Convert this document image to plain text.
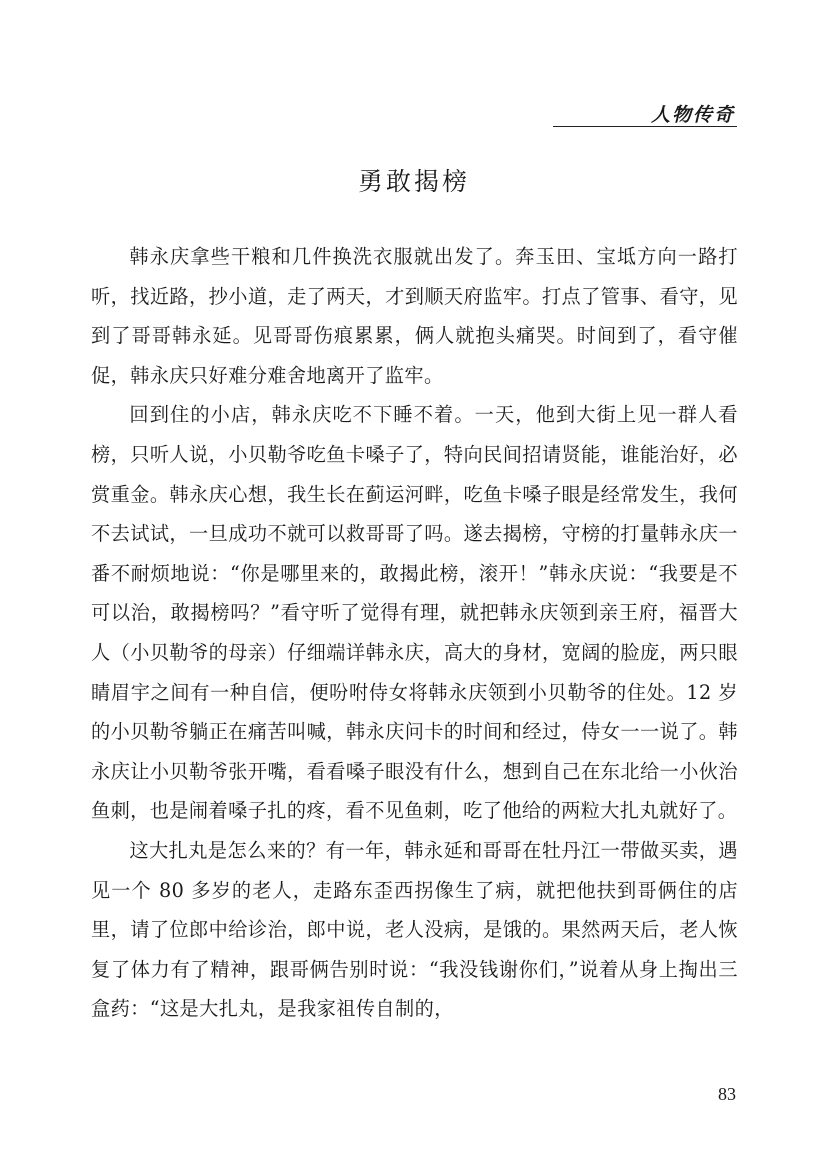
人物传奇
勇敢揭榜

韩永庆拿些干粮和几件换洗衣服就出发了。奔玉田、宝坻方向一路打听，找近路，抄小道，走了两天，才到顺天府监牢。打点了管事、看守，见到了哥哥韩永延。见哥哥伤痕累累，俩人就抱头痛哭。时间到了，看守催促，韩永庆只好难分难舍地离开了监牢。

回到住的小店，韩永庆吃不下睡不着。一天，他到大街上见一群人看榜，只听人说，小贝勒爷吃鱼卡嗓子了，特向民间招请贤能，谁能治好，必赏重金。韩永庆心想，我生长在蓟运河畔，吃鱼卡嗓子眼是经常发生，我何不去试试，一旦成功不就可以救哥哥了吗。遂去揭榜，守榜的打量韩永庆一番不耐烦地说：“你是哪里来的，敢揭此榜，滚开！”韩永庆说：“我要是不可以治，敢揭榜吗？”看守听了觉得有理，就把韩永庆领到亲王府，福晋大人（小贝勒爷的母亲）仔细端详韩永庆，高大的身材，宽阔的脸庞，两只眼睛眉宇之间有一种自信，便吩咐侍女将韩永庆领到小贝勒爷的住处。12 岁的小贝勒爷躺正在痛苦叫喊，韩永庆问卡的时间和经过，侍女一一说了。韩永庆让小贝勒爷张开嘴，看看嗓子眼没有什么，想到自己在东北给一小伙治鱼刺，也是闹着嗓子扎的疼，看不见鱼刺，吃了他给的两粒大扎丸就好了。

这大扎丸是怎么来的？有一年，韩永延和哥哥在牡丹江一带做买卖，遇见一个 80 多岁的老人，走路东歪西拐像生了病，就把他扶到哥俩住的店里，请了位郎中给诊治，郎中说，老人没病，是饿的。果然两天后，老人恢复了体力有了精神，跟哥俩告别时说：“我没钱谢你们，”说着从身上掏出三盒药：“这是大扎丸，是我家祖传自制的，

83
